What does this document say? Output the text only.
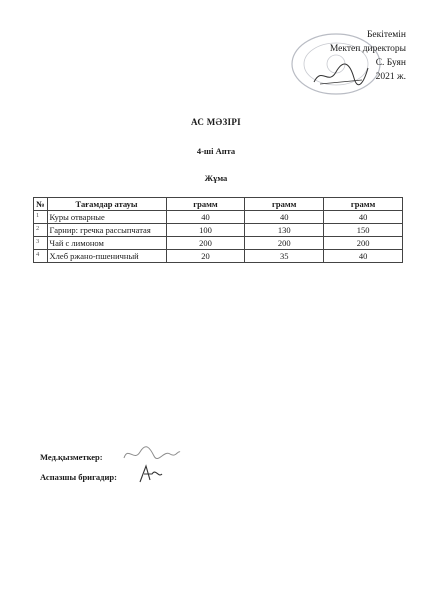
Бекітемін
Мектеп директоры
С. Буян
2021 ж.
АС МӘЗІРІ
4-ші Апта
Жұма
№	Тағамдар атауы	грамм	грамм	грамм
1	Куры отварные	40	40	40
2	Гарнир: гречка рассыпчатая	100	130	150
3	Чай с лимоном	200	200	200
4	Хлеб ржано-пшеничный	20	35	40
Мед.қызметкер:
Аспазшы бригадир:
